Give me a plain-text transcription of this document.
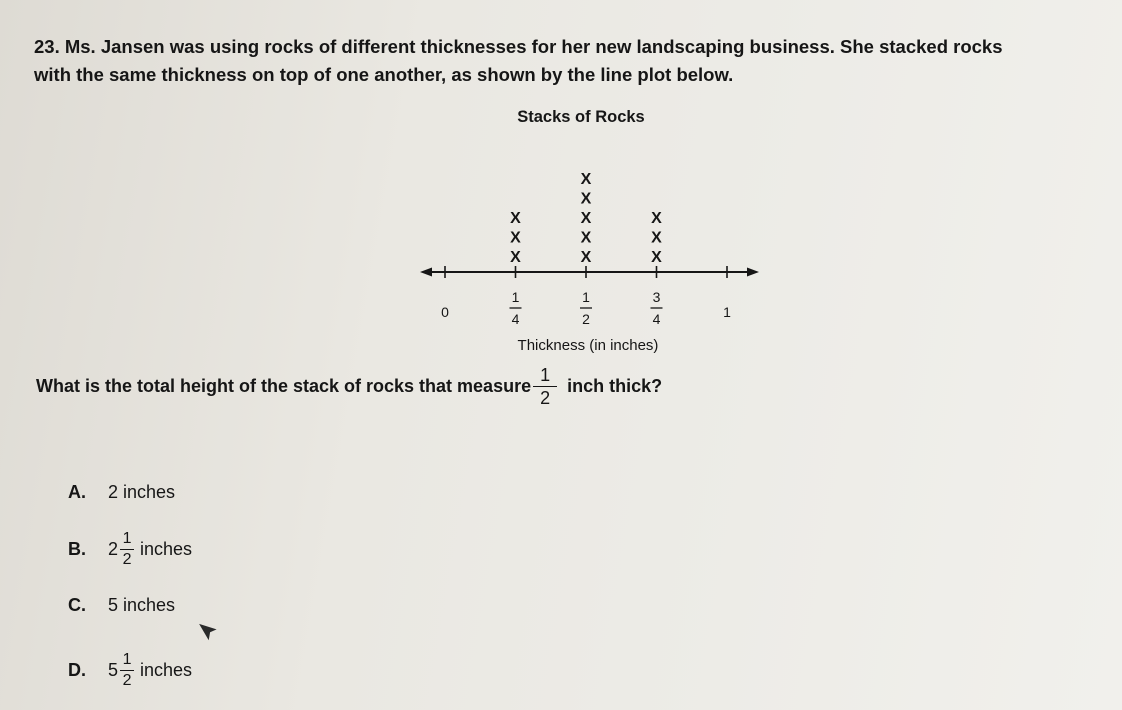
23. Ms. Jansen was using rocks of different thicknesses for her new landscaping business. She stacked rocks
with the same thickness on top of one another, as shown by the line plot below.
Stacks of Rocks
X
X
X
X
X
X
X
X
X
X
X
0
1
4
1
2
3
4	1
Thickness (in inches)
What is the total height of the stack of rocks that measure $\frac{1}{2}$ inch thick?
A.	2 inches
B.	$2 \frac{1}{2}$ inches
C.	5 inches
D.	$5 \frac{1}{2}$ inches
